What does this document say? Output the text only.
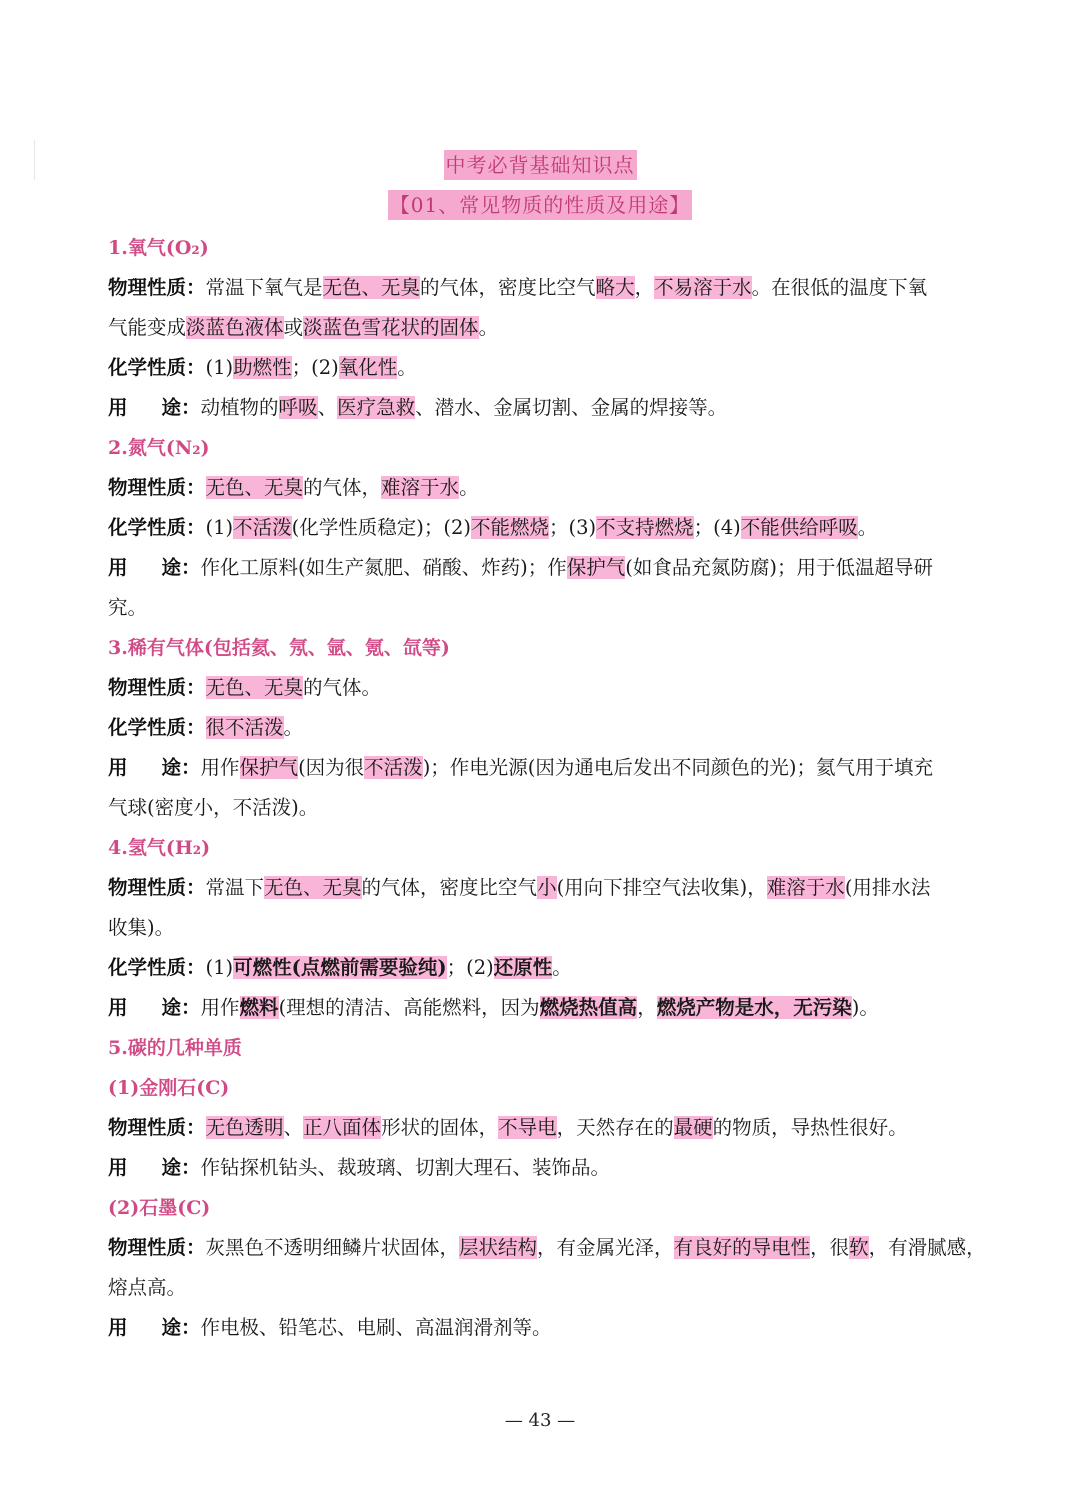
中考必背基础知识点
【01、常见物质的性质及用途】
1.氧气(O₂)
物理性质：常温下氧气是无色、无臭的气体，密度比空气略大，不易溶于水。在很低的温度下氧
气能变成淡蓝色液体或淡蓝色雪花状的固体。
化学性质：(1)助燃性；(2)氧化性。
用 途：动植物的呼吸、医疗急救、潜水、金属切割、金属的焊接等。
2.氮气(N₂)
物理性质：无色、无臭的气体，难溶于水。
化学性质：(1)不活泼(化学性质稳定)；(2)不能燃烧；(3)不支持燃烧；(4)不能供给呼吸。
用 途：作化工原料(如生产氮肥、硝酸、炸药)；作保护气(如食品充氮防腐)；用于低温超导研
究。
3.稀有气体(包括氦、氖、氩、氪、氙等)
物理性质：无色、无臭的气体。
化学性质：很不活泼。
用 途：用作保护气(因为很不活泼)；作电光源(因为通电后发出不同颜色的光)；氦气用于填充
气球(密度小，不活泼)。
4.氢气(H₂)
物理性质：常温下无色、无臭的气体，密度比空气小(用向下排空气法收集)，难溶于水(用排水法
收集)。
化学性质：(1)可燃性(点燃前需要验纯)；(2)还原性。
用 途：用作燃料(理想的清洁、高能燃料，因为燃烧热值高，燃烧产物是水，无污染)。
5.碳的几种单质
(1)金刚石(C)
物理性质：无色透明、正八面体形状的固体，不导电，天然存在的最硬的物质，导热性很好。
用 途：作钻探机钻头、裁玻璃、切割大理石、装饰品。
(2)石墨(C)
物理性质：灰黑色不透明细鳞片状固体，层状结构，有金属光泽，有良好的导电性，很软，有滑腻感，
熔点高。
用 途：作电极、铅笔芯、电刷、高温润滑剂等。
— 43 —
